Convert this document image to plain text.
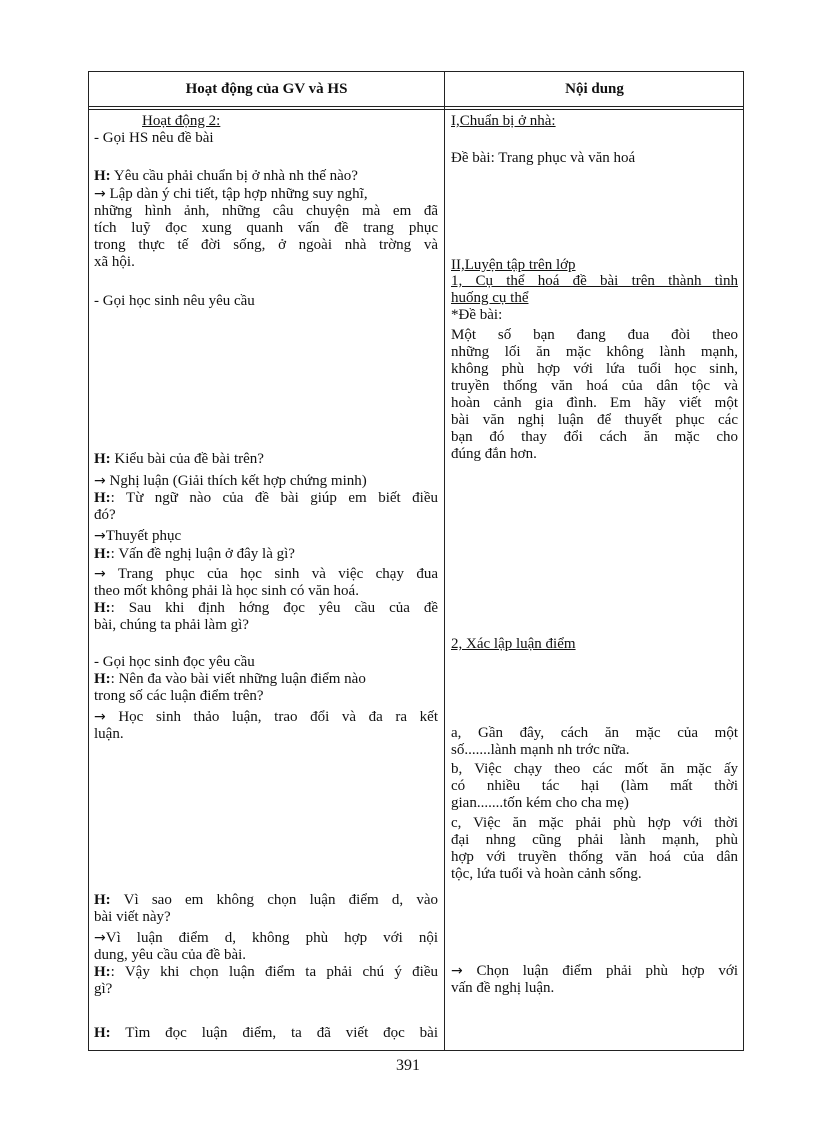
Hoạt động của GV và HS	Nội dung
Hoạt động 2:
- Gọi HS nêu đề bài
H: Yêu cầu phải chuẩn bị ở nhà nh thế nào?
→ Lập dàn ý chi tiết, tập hợp những suy nghĩ,
những hình ảnh, những câu chuyện mà em đã
tích luỹ đọc xung quanh vấn đề trang phục
trong thực tế đời sống, ở ngoài nhà trờng và
xã hội.
- Gọi học sinh nêu yêu cầu
H: Kiểu bài của đề bài trên?
→ Nghị luận (Giải thích kết hợp chứng minh)
H:: Từ ngữ nào của đề bài giúp em biết điều
đó?
→Thuyết phục
H:: Vấn đề nghị luận ở đây là gì?
→ Trang phục của học sinh và việc chạy đua
theo mốt không phải là học sinh có văn hoá.
H:: Sau khi định hớng đọc yêu cầu của đề
bài, chúng ta phải làm gì?
- Gọi học sinh đọc yêu cầu
H:: Nên đa vào bài viết những luận điểm nào
trong số các luận điểm trên?
→ Học sinh thảo luận, trao đổi và đa ra kết
luận.
H: Vì sao em không chọn luận điểm d, vào
bài viết này?
→Vì luận điểm d, không phù hợp với nội
dung, yêu cầu của đề bài.
H:: Vậy khi chọn luận điểm ta phải chú ý điều
gì?
H: Tìm đọc luận điểm, ta đã viết đọc bài
I,Chuẩn bị ở nhà:
Đề bài: Trang phục và văn hoá
II,Luyện tập trên lớp
1, Cụ thể hoá đề bài trên thành tình
huống cụ thể
*Đề bài:
Một số bạn đang đua đòi theo
những lối ăn mặc không lành mạnh,
không phù hợp với lứa tuổi học sinh,
truyền thống văn hoá của dân tộc và
hoàn cảnh gia đình. Em hãy viết một
bài văn nghị luận để thuyết phục các
bạn đó thay đổi cách ăn mặc cho
đúng đắn hơn.
2, Xác lập luận điểm
a, Gần đây, cách ăn mặc của một
số.......lành mạnh nh trớc nữa.
b, Việc chạy theo các mốt ăn mặc ấy
có nhiều tác hại (làm mất thời
gian.......tốn kém cho cha mẹ)
c, Việc ăn mặc phải phù hợp với thời
đại nhng cũng phải lành mạnh, phù
hợp với truyền thống văn hoá của dân
tộc, lứa tuổi và hoàn cảnh sống.
→ Chọn luận điểm phải phù hợp với
vấn đề nghị luận.
391
